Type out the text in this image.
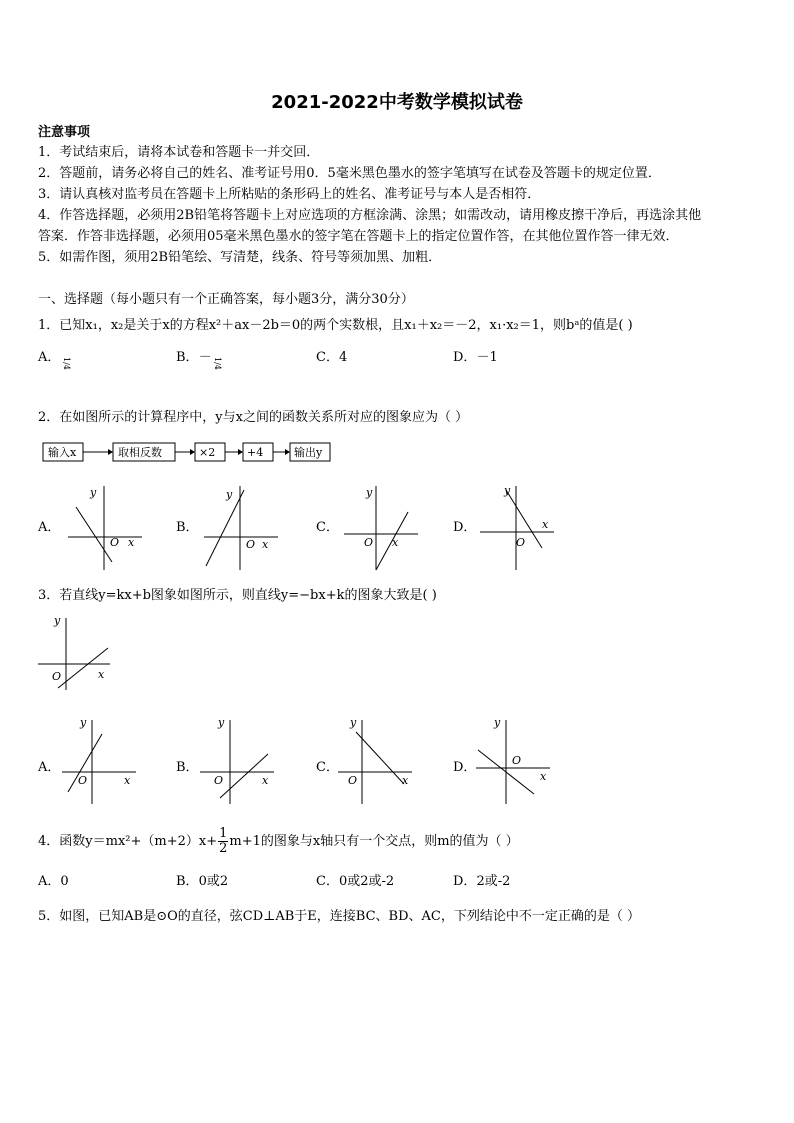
2021-2022中考数学模拟试卷
注意事项
1．考试结束后，请将本试卷和答题卡一并交回．
2．答题前，请务必将自己的姓名、准考证号用0．5毫米黑色墨水的签字笔填写在试卷及答题卡的规定位置．
3．请认真核对监考员在答题卡上所粘贴的条形码上的姓名、准考证号与本人是否相符．
4．作答选择题，必须用2B铅笔将答题卡上对应选项的方框涂满、涂黑；如需改动，请用橡皮擦干净后，再选涂其他
答案．作答非选择题，必须用05毫米黑色墨水的签字笔在答题卡上的指定位置作答，在其他位置作答一律无效．
5．如需作图，须用2B铅笔绘、写清楚，线条、符号等须加黑、加粗．
一、选择题（每小题只有一个正确答案，每小题3分，满分30分）
1．已知x₁，x₂是关于x的方程x²＋ax－2b＝0的两个实数根，且x₁＋x₂＝－2，x₁·x₂＝1，则bᵃ的值是( )
A． 1/4	B．－ 1/4	C．4	D．－1
2．在如图所示的计算程序中，y与x之间的函数关系所对应的图象应为（ ）
输入x	取相反数	×2	+4	输出y
A．	B．	C．	D．
y
O x
y
O x
y
O x
y
O
x
3．若直线y=kx+b图象如图所示，则直线y=−bx+k的图象大致是( )
y
O	x
A．	B．	C．	D．
y
O	x
y
O	x
y
O	x
y
O
x
4．函数$y=mx^2+(m+2)x+ \frac{1}{2} m+1$的图象与x轴只有一个交点，则m的值为（ ）
A．0	B．0或2	C．0或2或-2	D．2或-2
5．如图，已知AB是⊙O的直径，弦CD⊥AB于E，连接BC、BD、AC，下列结论中不一定正确的是（ ）
